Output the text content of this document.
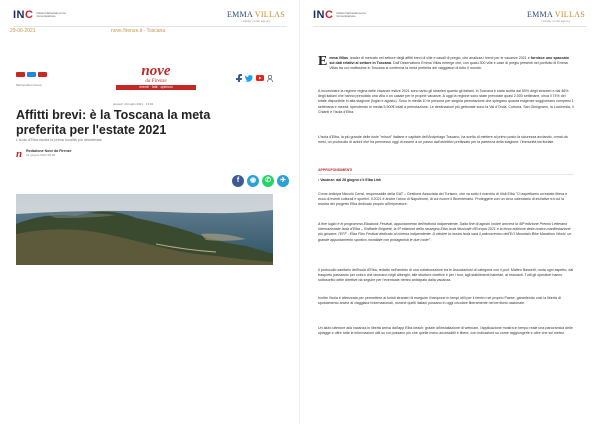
INC Istituto Nazionale per la Comunicazione	EMMA VILLAS
Holiday rental agency
29-06-2021	nove.firenze.it - Toscana
Metropolitan Group
nove
da Firenze
eventi · fatti · opinioni
giovedì, 24 luglio 2021 · 13:04
Affitti brevi: è la Toscana la meta preferita per l'estate 2021
L'isola d'Elba risulta la prima località più desiderata
n Redazione Nove da Firenze
24 giugno 2021 08:28
f	◉	✆	✈
INC Istituto Nazionale per la Comunicazione	EMMA VILLAS
Holiday rental agency

Emma Villas, leader di mercato nel settore degli affitti brevi di ville e casali di pregio, che analizza i trend per le vacanze 2021 e fornisce uno spaccato sui dati relativi al settore in Toscana. Dall'Osservatorio Emma Villas emerge che, con quasi 300 ville e case di pregio presenti nel portfolio di Emma Villas tra cui moltissime in Toscana si conferma la meta preferita dei viaggiatori di tutto il mondo.

A incorniciare la regione regina delle vacanze estive 2021 sono tanto gli stranieri quanto gli italiani. In Toscana è stata scelta dal 50% degli stranieri e dal 46% degli italiani che hanno prenotato una villa o un casale per le proprie vacanze. A oggi la regione sono state prenotate quasi 2.000 settimane, circa il 74% del totale disponibile in alta stagione (luglio e agosto). Sono in media 10 le persone per singola prenotazione che spiegano quanta esigenze soggiornano compresi 1 settimana e mezza, spendendo in media 5.900€ totali a prenotazione. Le destinazioni più gettonate sono la Val d'Orcia, Cortona, San Gimignano, la Lucchesia, il Chianti e l'Isola d'Elba.

L'isola d'Elba, la più grande delle isole "minori" italiane e capitale dell'Arcipelago Toscano, ha scelto di mettere al primo posto la sicurezza avviando, ormai da mesi, un protocollo di azioni che ha permesso oggi di essere a un passo dall'obiettivo prefissato per la partenza della stagione: l'immunità territoriale.

APPROFONDIMENTI
• Vacanze: dal 28 giugno c'è Elba Link

Come anticipa Niccolò Censi, responsabile della GAT – Gestione Associata del Turismo, che va sotto il marchio di Visit Elba "Ci aspettiamo un'estate libera e ricca di eventi culturali e sportivi. Il 2021 è anche l'anno di Napoleone, di cui ricorre il Bicentenario. Proteggere con un circo calendario di iniziative tra cui la mostra del progetto Elba dedicato proprio all'Imperatore.

A fine luglio è in programma Elbabook Festival, appuntamento dell'editoria indipendente. Dalla fine di agosto inoltre arriverà la 48ª edizione Premio Letterario Internazionale Isola d'Elba – Raffaele Brignetti, la 5ª edizione della rassegna Elba Isola Musicale d'Europa 2021 e la terza edizione della nostra manifestazione più giovane, l'EFF - Elba Film Festival dedicato al cinema indipendente. A ottobre la nostra isola sarà il palcoscenico dell'EO Mountain Bike Marathon World, un grande appuntamento sportivo mondiale con protagonisti le due ruote".

Il protocollo sanitario dell'Isola d'Elba, redatto nell'ambito di una collaborazione tra le Associazioni di categoria con il prof. Matteo Bassetti, ruota ogni aspetto, dal trasporto passando per coloro che lavorano negli alberghi, alle strutture ricettive e per i tour, agli stabilimenti balneari, ai ristoranti. Tutti gli operatori hanno sottoscritto delle direttive da seguire per l'eventuale rientro anticipato dalla vacanza.

Inoltre l'isola è attrezzata per permettere ai turisti stranieri di eseguire il tampone in tempi utili per il rientro nel proprio Paese, garantendo così la libertà di spostamento anche ai viaggiatori internazionali, nonché quelli italiani possano in oggi circolare liberamente nel territorio nazionale.

Un aiuto ulteriore alla vacanza in libertà arriva dall'app Elba beach: grazie all'installazione di webcam, l'applicazione mostra in tempo reale una panoramica delle spiagge e offre tutte le informazioni utili su cui possano più che quelle meno accessibili e libere, con indicazioni su come raggiungerle e oltre che sul meteo.
